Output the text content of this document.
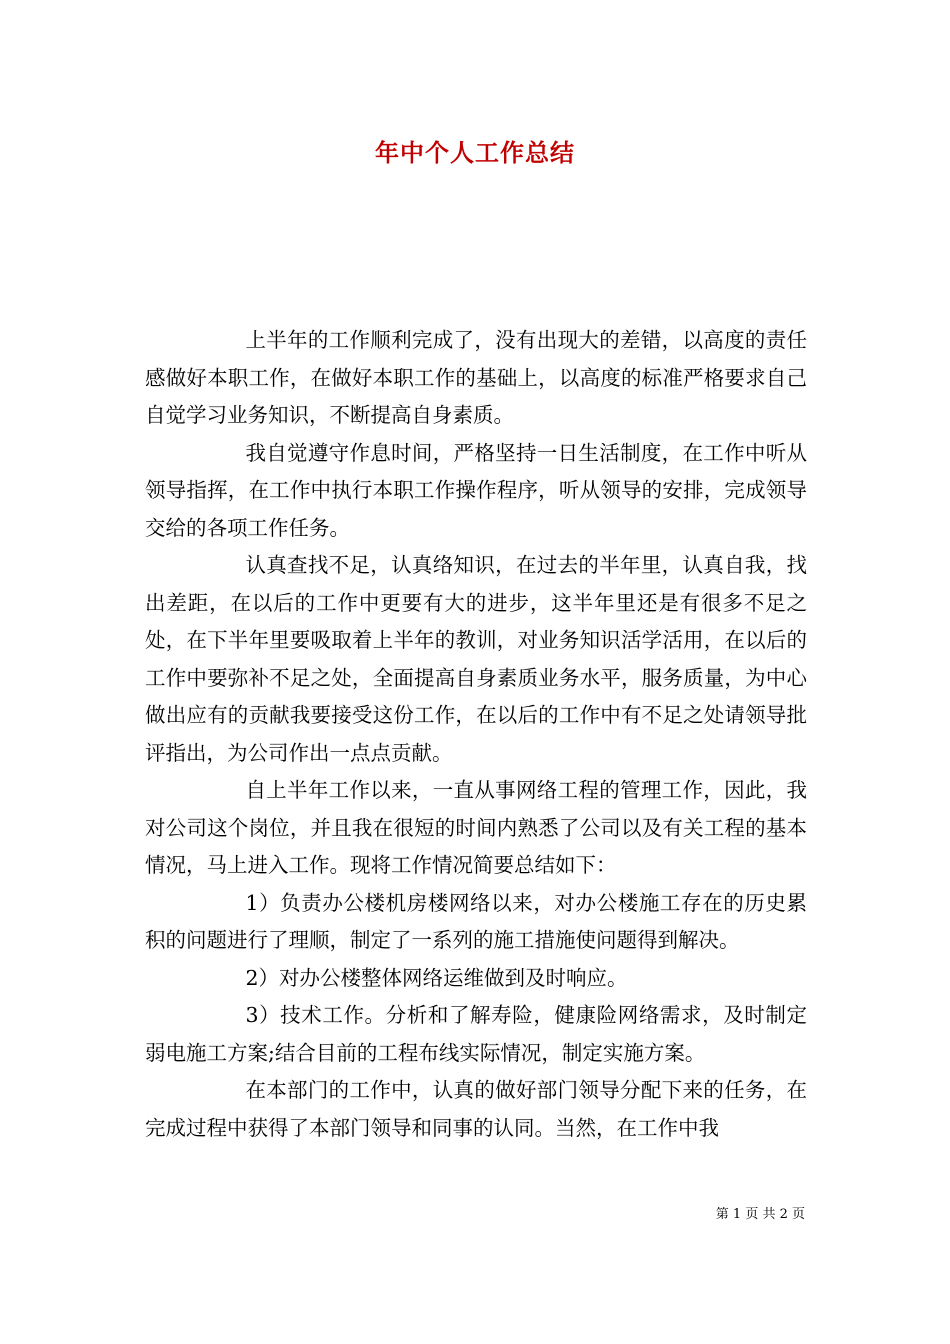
年中个人工作总结

上半年的工作顺利完成了，没有出现大的差错，以高度的责任感做好本职工作，在做好本职工作的基础上，以高度的标准严格要求自己自觉学习业务知识，不断提高自身素质。

我自觉遵守作息时间，严格坚持一日生活制度，在工作中听从领导指挥，在工作中执行本职工作操作程序，听从领导的安排，完成领导交给的各项工作任务。

认真查找不足，认真络知识，在过去的半年里，认真自我，找出差距，在以后的工作中更要有大的进步，这半年里还是有很多不足之处，在下半年里要吸取着上半年的教训，对业务知识活学活用，在以后的工作中要弥补不足之处，全面提高自身素质业务水平，服务质量，为中心做出应有的贡献我要接受这份工作，在以后的工作中有不足之处请领导批评指出，为公司作出一点点贡献。

自上半年工作以来，一直从事网络工程的管理工作，因此，我对公司这个岗位，并且我在很短的时间内熟悉了公司以及有关工程的基本情况，马上进入工作。现将工作情况简要总结如下：

1）负责办公楼机房楼网络以来，对办公楼施工存在的历史累积的问题进行了理顺，制定了一系列的施工措施使问题得到解决。

2）对办公楼整体网络运维做到及时响应。

3）技术工作。分析和了解寿险，健康险网络需求，及时制定弱电施工方案;结合目前的工程布线实际情况，制定实施方案。

在本部门的工作中，认真的做好部门领导分配下来的任务，在完成过程中获得了本部门领导和同事的认同。当然，在工作中我

第 1 页 共 2 页
